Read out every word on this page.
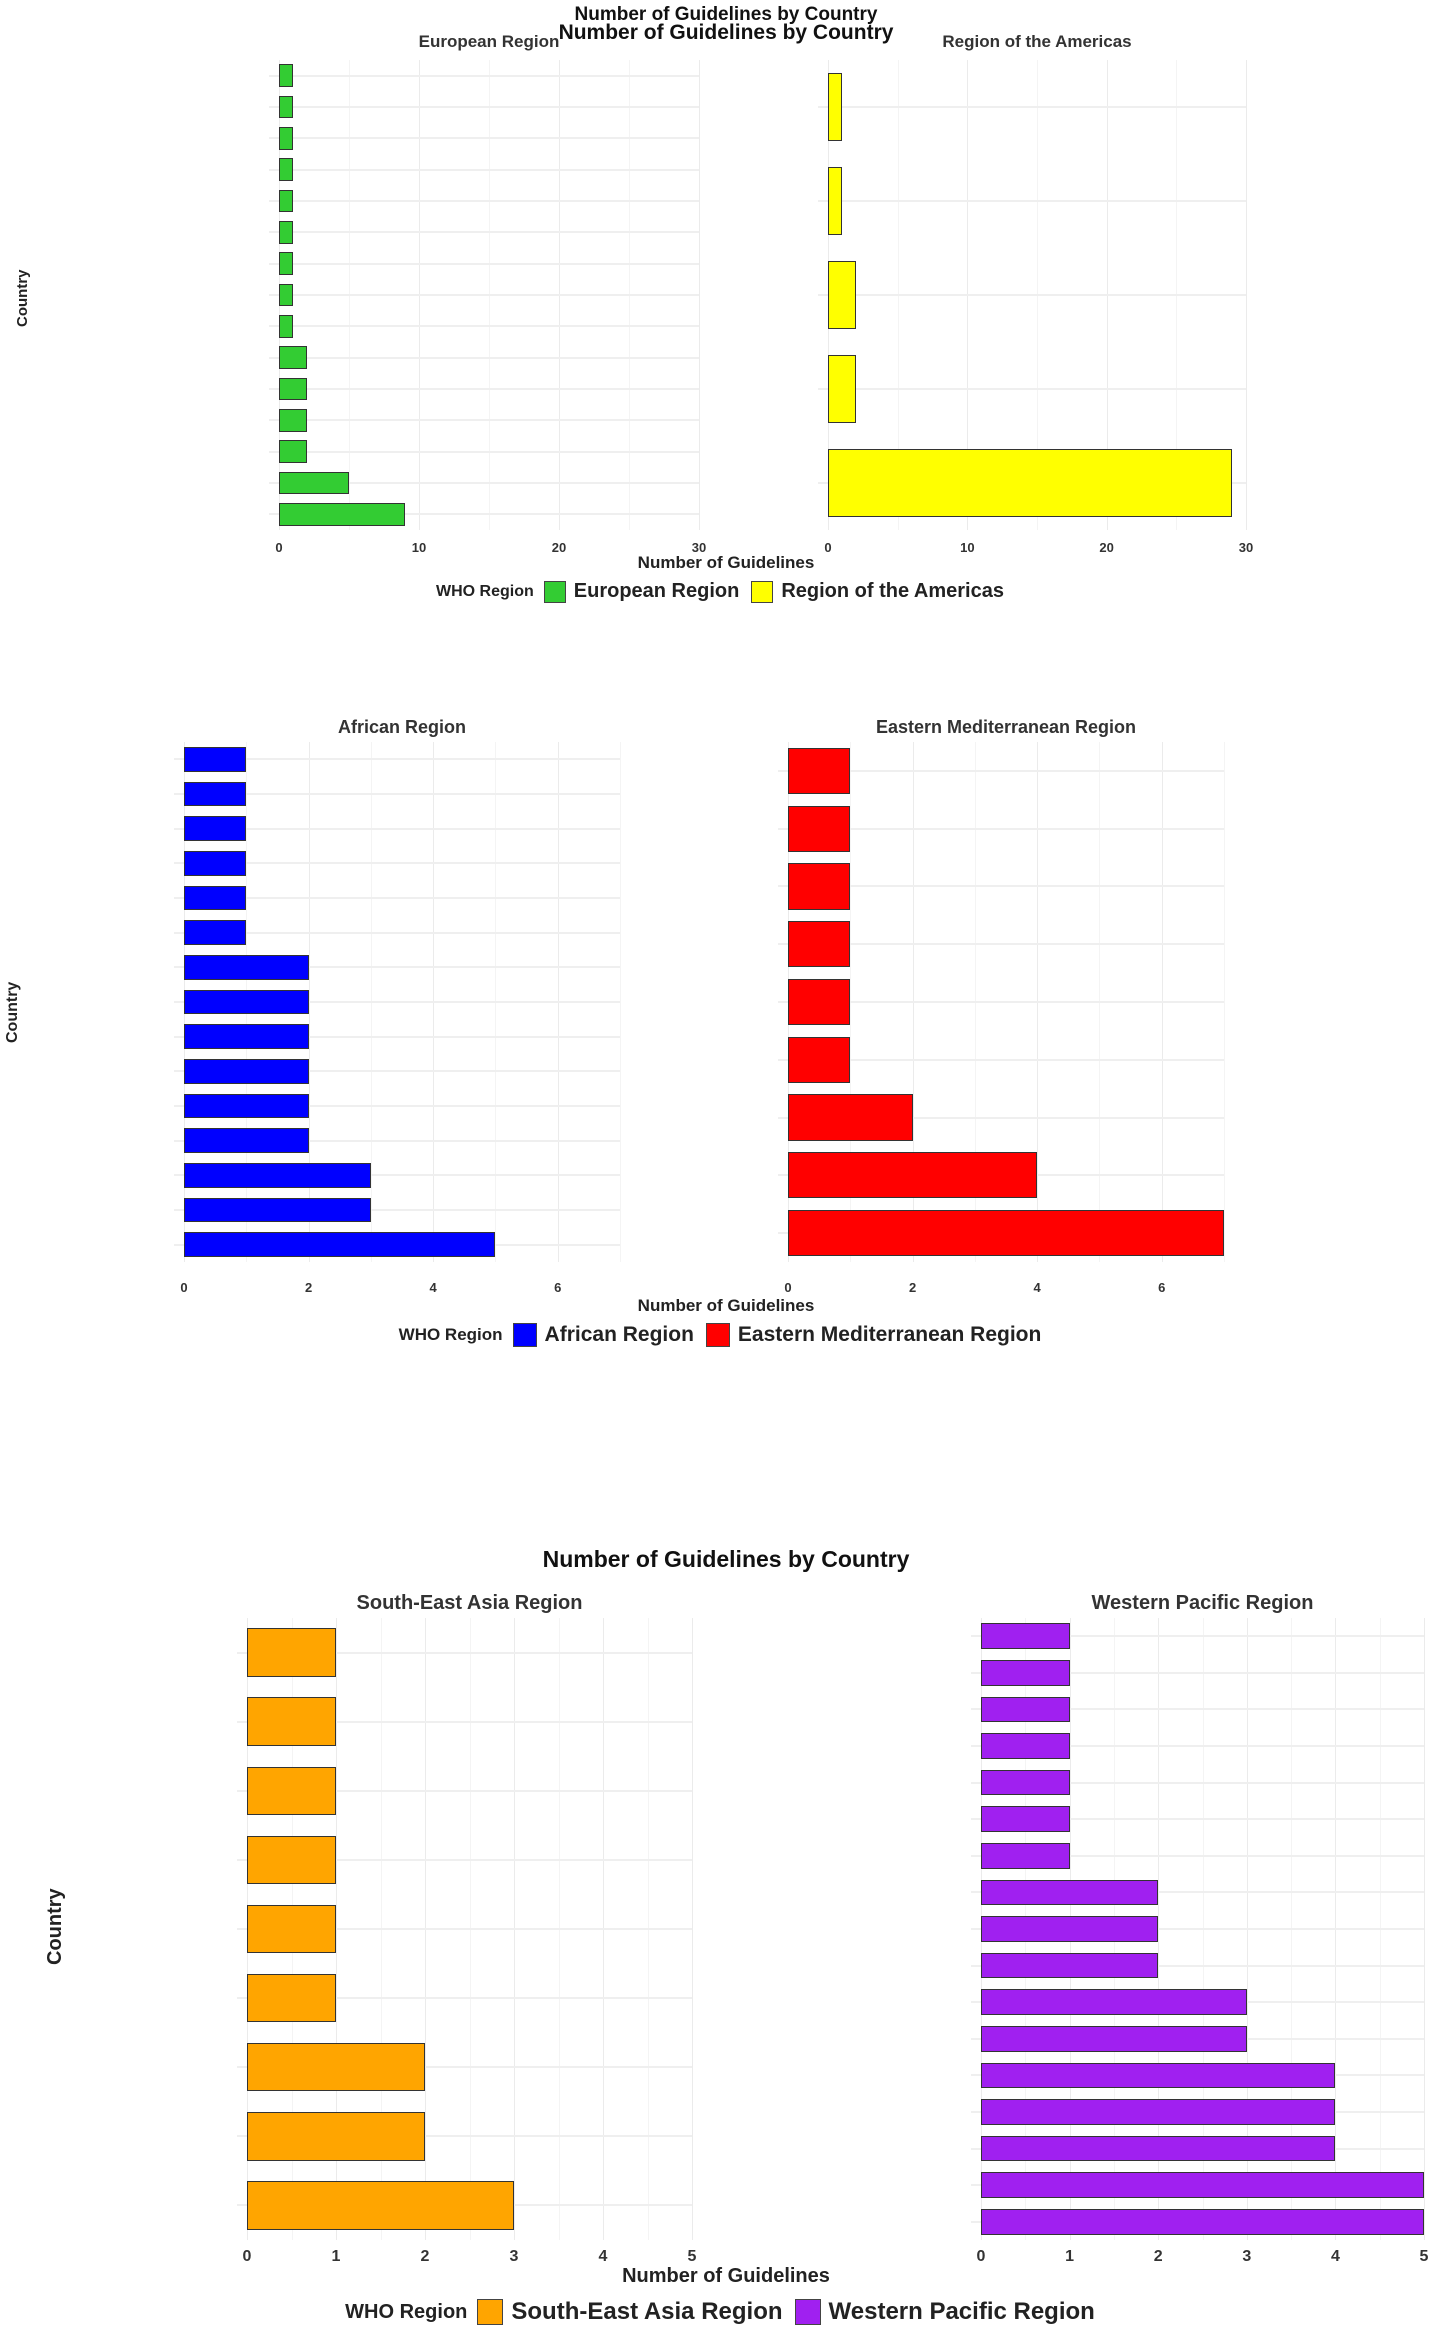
Number of Guidelines by Country
European Region
0	10	20	30
Region of the Americas
0	10	20	30
Number of Guidelines
Country
WHO Region European Region Region of the Americas
Number of Guidelines by Country
African Region
0	2	4	6
Eastern Mediterranean Region
0	2	4	6
Number of Guidelines
Country
WHO Region African Region Eastern Mediterranean Region
Number of Guidelines by Country
South-East Asia Region
0	1	2	3	4	5
Western Pacific Region
0	1	2	3	4	5
Number of Guidelines
Country
WHO Region South-East Asia Region Western Pacific Region
